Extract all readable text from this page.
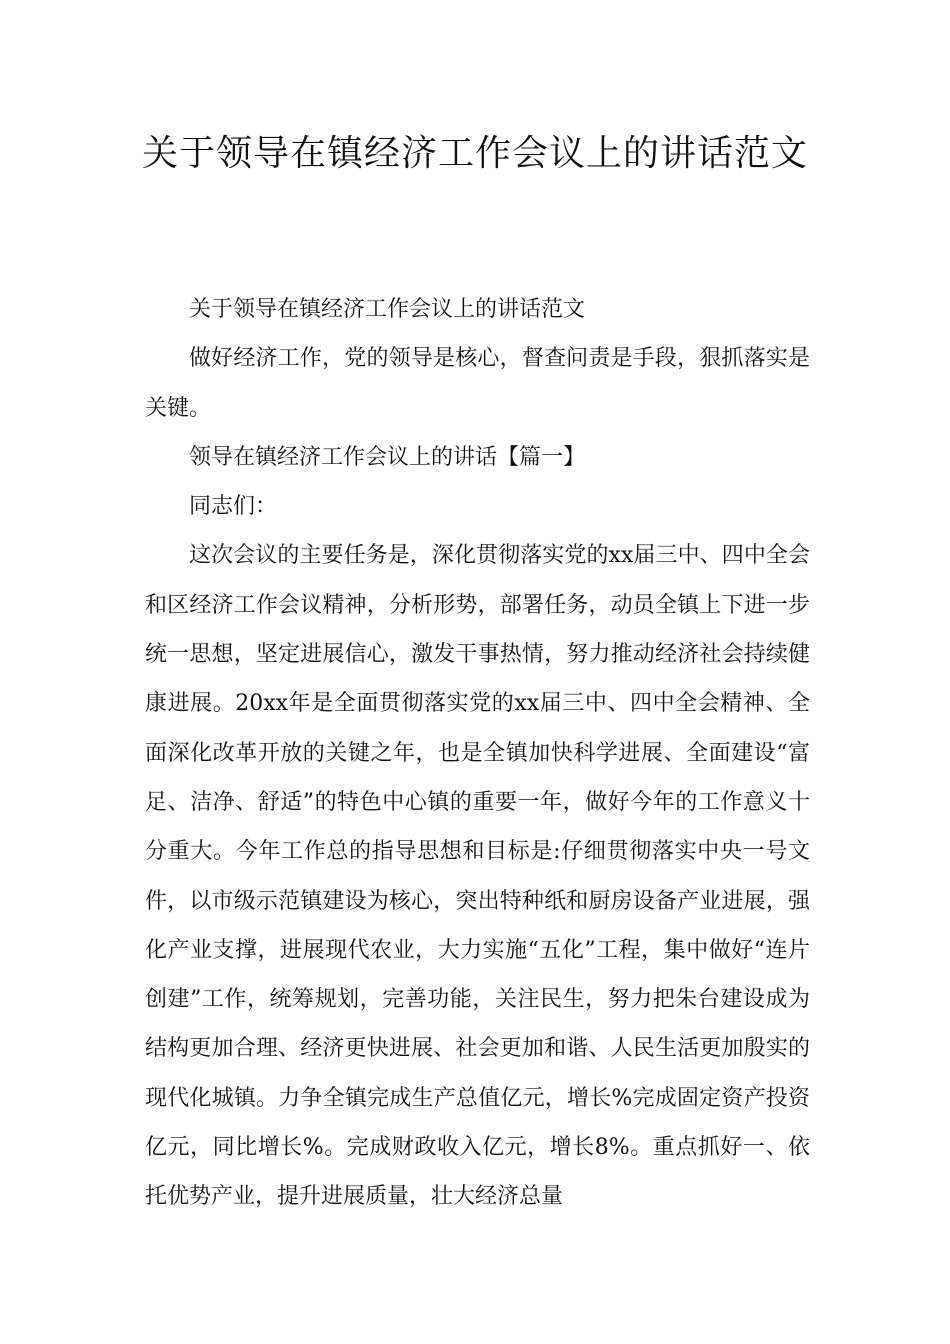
关于领导在镇经济工作会议上的讲话范文

关于领导在镇经济工作会议上的讲话范文

做好经济工作，党的领导是核心，督查问责是手段，狠抓落实是关键。

领导在镇经济工作会议上的讲话【篇一】

同志们：

这次会议的主要任务是，深化贯彻落实党的xx届三中、四中全会和区经济工作会议精神，分析形势，部署任务，动员全镇上下进一步统一思想，坚定进展信心，激发干事热情，努力推动经济社会持续健康进展。20xx年是全面贯彻落实党的xx届三中、四中全会精神、全面深化改革开放的关键之年，也是全镇加快科学进展、全面建设“富足、洁净、舒适”的特色中心镇的重要一年，做好今年的工作意义十分重大。今年工作总的指导思想和目标是:仔细贯彻落实中央一号文件，以市级示范镇建设为核心，突出特种纸和厨房设备产业进展，强化产业支撑，进展现代农业，大力实施“五化”工程，集中做好“连片创建”工作，统筹规划，完善功能，关注民生，努力把朱台建设成为结构更加合理、经济更快进展、社会更加和谐、人民生活更加殷实的现代化城镇。力争全镇完成生产总值亿元，增长%完成固定资产投资亿元，同比增长%。完成财政收入亿元，增长8%。重点抓好一、依托优势产业，提升进展质量，壮大经济总量
